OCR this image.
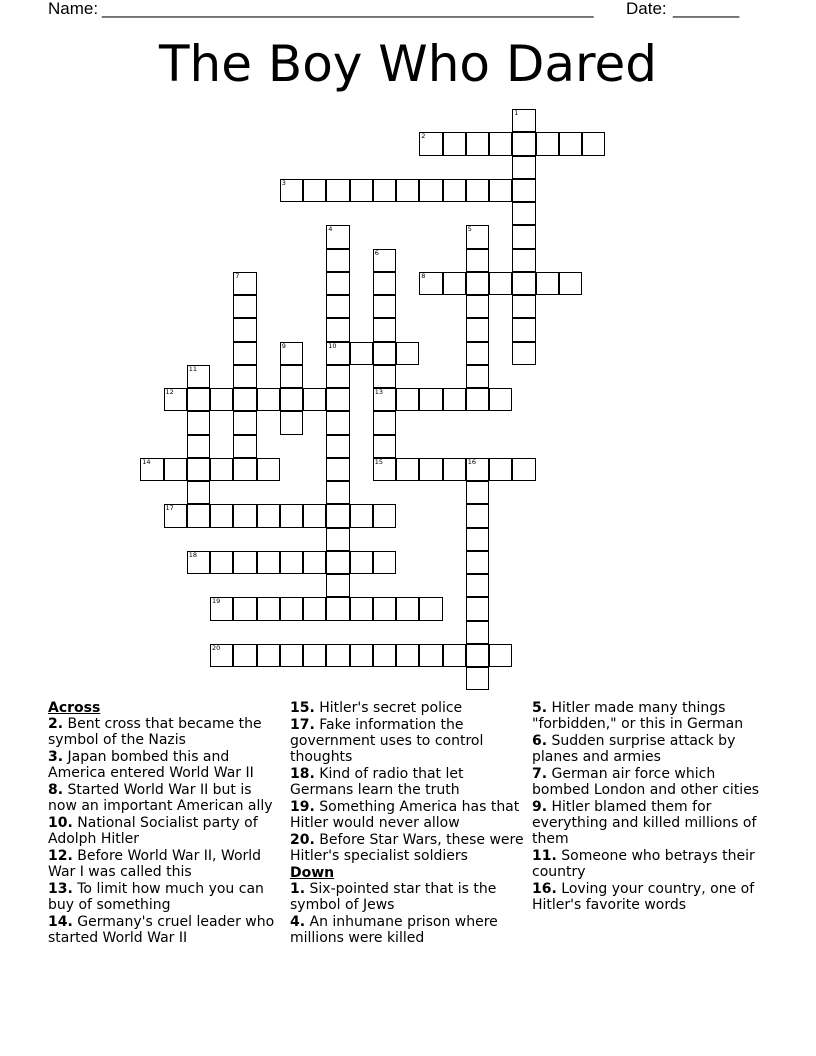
Name: ____________________________________________________ Date: _______
The Boy Who Dared
1
2
3
4
10
5
6
13
15
7	8
9
11
12
14	16
17
18
19
20
Across
2. Bent cross that became the symbol of the Nazis
3. Japan bombed this and America entered World War II
8. Started World War II but is now an important American ally
10. National Socialist party of Adolph Hitler
12. Before World War II, World War I was called this
13. To limit how much you can buy of something
14. Germany's cruel leader who started World War II
15. Hitler's secret police
17. Fake information the government uses to control thoughts
18. Kind of radio that let Germans learn the truth
19. Something America has that Hitler would never allow
20. Before Star Wars, these were Hitler's specialist soldiers
Down
1. Six-pointed star that is the symbol of Jews
4. An inhumane prison where millions were killed
5. Hitler made many things "forbidden," or this in German
6. Sudden surprise attack by planes and armies
7. German air force which bombed London and other cities
9. Hitler blamed them for everything and killed millions of them
11. Someone who betrays their country
16. Loving your country, one of Hitler's favorite words
